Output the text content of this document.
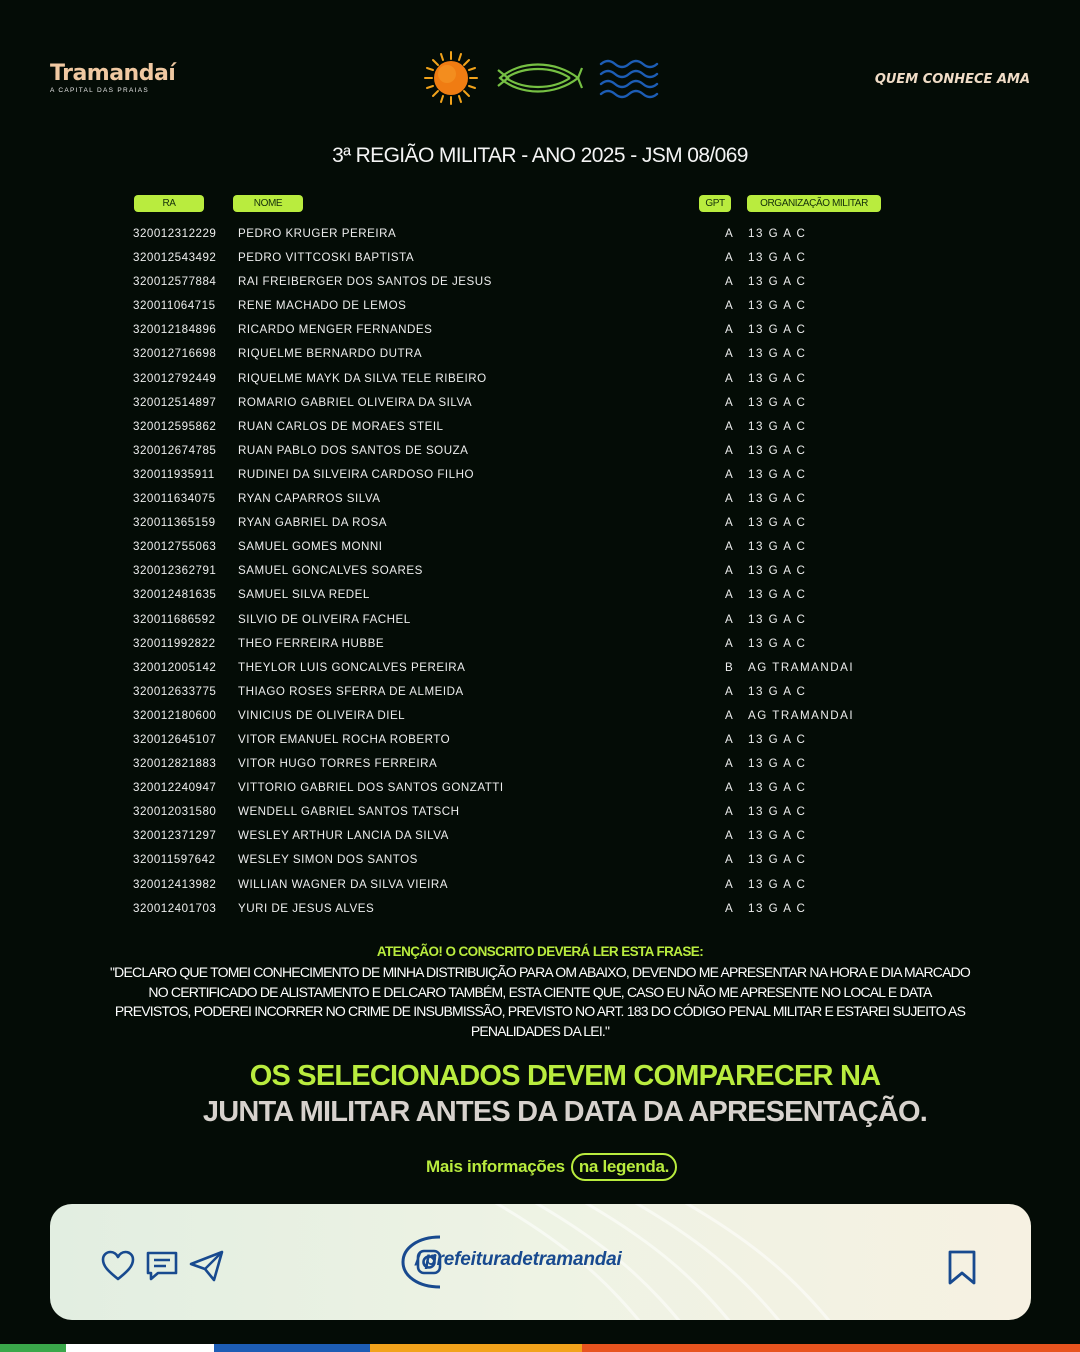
Tramandaí
A CAPITAL DAS PRAIAS
QUEM CONHECE AMA
3ª REGIÃO MILITAR - ANO 2025 - JSM 08/069
RA	NOME	GPT	ORGANIZAÇÃO MILITAR
320012312229 PEDRO KRUGER PEREIRA	A 13 G A C
320012543492 PEDRO VITTCOSKI BAPTISTA	A 13 G A C
320012577884 RAI FREIBERGER DOS SANTOS DE JESUS	A 13 G A C
320011064715 RENE MACHADO DE LEMOS	A 13 G A C
320012184896 RICARDO MENGER FERNANDES	A 13 G A C
320012716698 RIQUELME BERNARDO DUTRA	A 13 G A C
320012792449 RIQUELME MAYK DA SILVA TELE RIBEIRO	A 13 G A C
320012514897 ROMARIO GABRIEL OLIVEIRA DA SILVA	A 13 G A C
320012595862 RUAN CARLOS DE MORAES STEIL	A 13 G A C
320012674785 RUAN PABLO DOS SANTOS DE SOUZA	A 13 G A C
320011935911 RUDINEI DA SILVEIRA CARDOSO FILHO	A 13 G A C
320011634075 RYAN CAPARROS SILVA	A 13 G A C
320011365159 RYAN GABRIEL DA ROSA	A 13 G A C
320012755063 SAMUEL GOMES MONNI	A 13 G A C
320012362791 SAMUEL GONCALVES SOARES	A 13 G A C
320012481635 SAMUEL SILVA REDEL	A 13 G A C
320011686592 SILVIO DE OLIVEIRA FACHEL	A 13 G A C
320011992822 THEO FERREIRA HUBBE	A 13 G A C
320012005142 THEYLOR LUIS GONCALVES PEREIRA	B AG TRAMANDAI
320012633775 THIAGO ROSES SFERRA DE ALMEIDA	A 13 G A C
320012180600 VINICIUS DE OLIVEIRA DIEL	A AG TRAMANDAI
320012645107 VITOR EMANUEL ROCHA ROBERTO	A 13 G A C
320012821883 VITOR HUGO TORRES FERREIRA	A 13 G A C
320012240947 VITTORIO GABRIEL DOS SANTOS GONZATTI	A 13 G A C
320012031580 WENDELL GABRIEL SANTOS TATSCH	A 13 G A C
320012371297 WESLEY ARTHUR LANCIA DA SILVA	A 13 G A C
320011597642 WESLEY SIMON DOS SANTOS	A 13 G A C
320012413982 WILLIAN WAGNER DA SILVA VIEIRA	A 13 G A C
320012401703 YURI DE JESUS ALVES	A 13 G A C
ATENÇÃO! O CONSCRITO DEVERÁ LER ESTA FRASE:
"DECLARO QUE TOMEI CONHECIMENTO DE MINHA DISTRIBUIÇÃO PARA OM ABAIXO, DEVENDO ME APRESENTAR NA HORA E DIA MARCADO NO CERTIFICADO DE ALISTAMENTO E DELCARO TAMBÉM, ESTA CIENTE QUE, CASO EU NÃO ME APRESENTE NO LOCAL E DATA PREVISTOS, PODEREI INCORRER NO CRIME DE INSUBMISSÃO, PREVISTO NO ART. 183 DO CÓDIGO PENAL MILITAR E ESTAREI SUJEITO AS PENALIDADES DA LEI."
OS SELECIONADOS DEVEM COMPARECER NA
JUNTA MILITAR ANTES DA DATA DA APRESENTAÇÃO.
Mais informações na legenda.
/ prefeituradetramandai
